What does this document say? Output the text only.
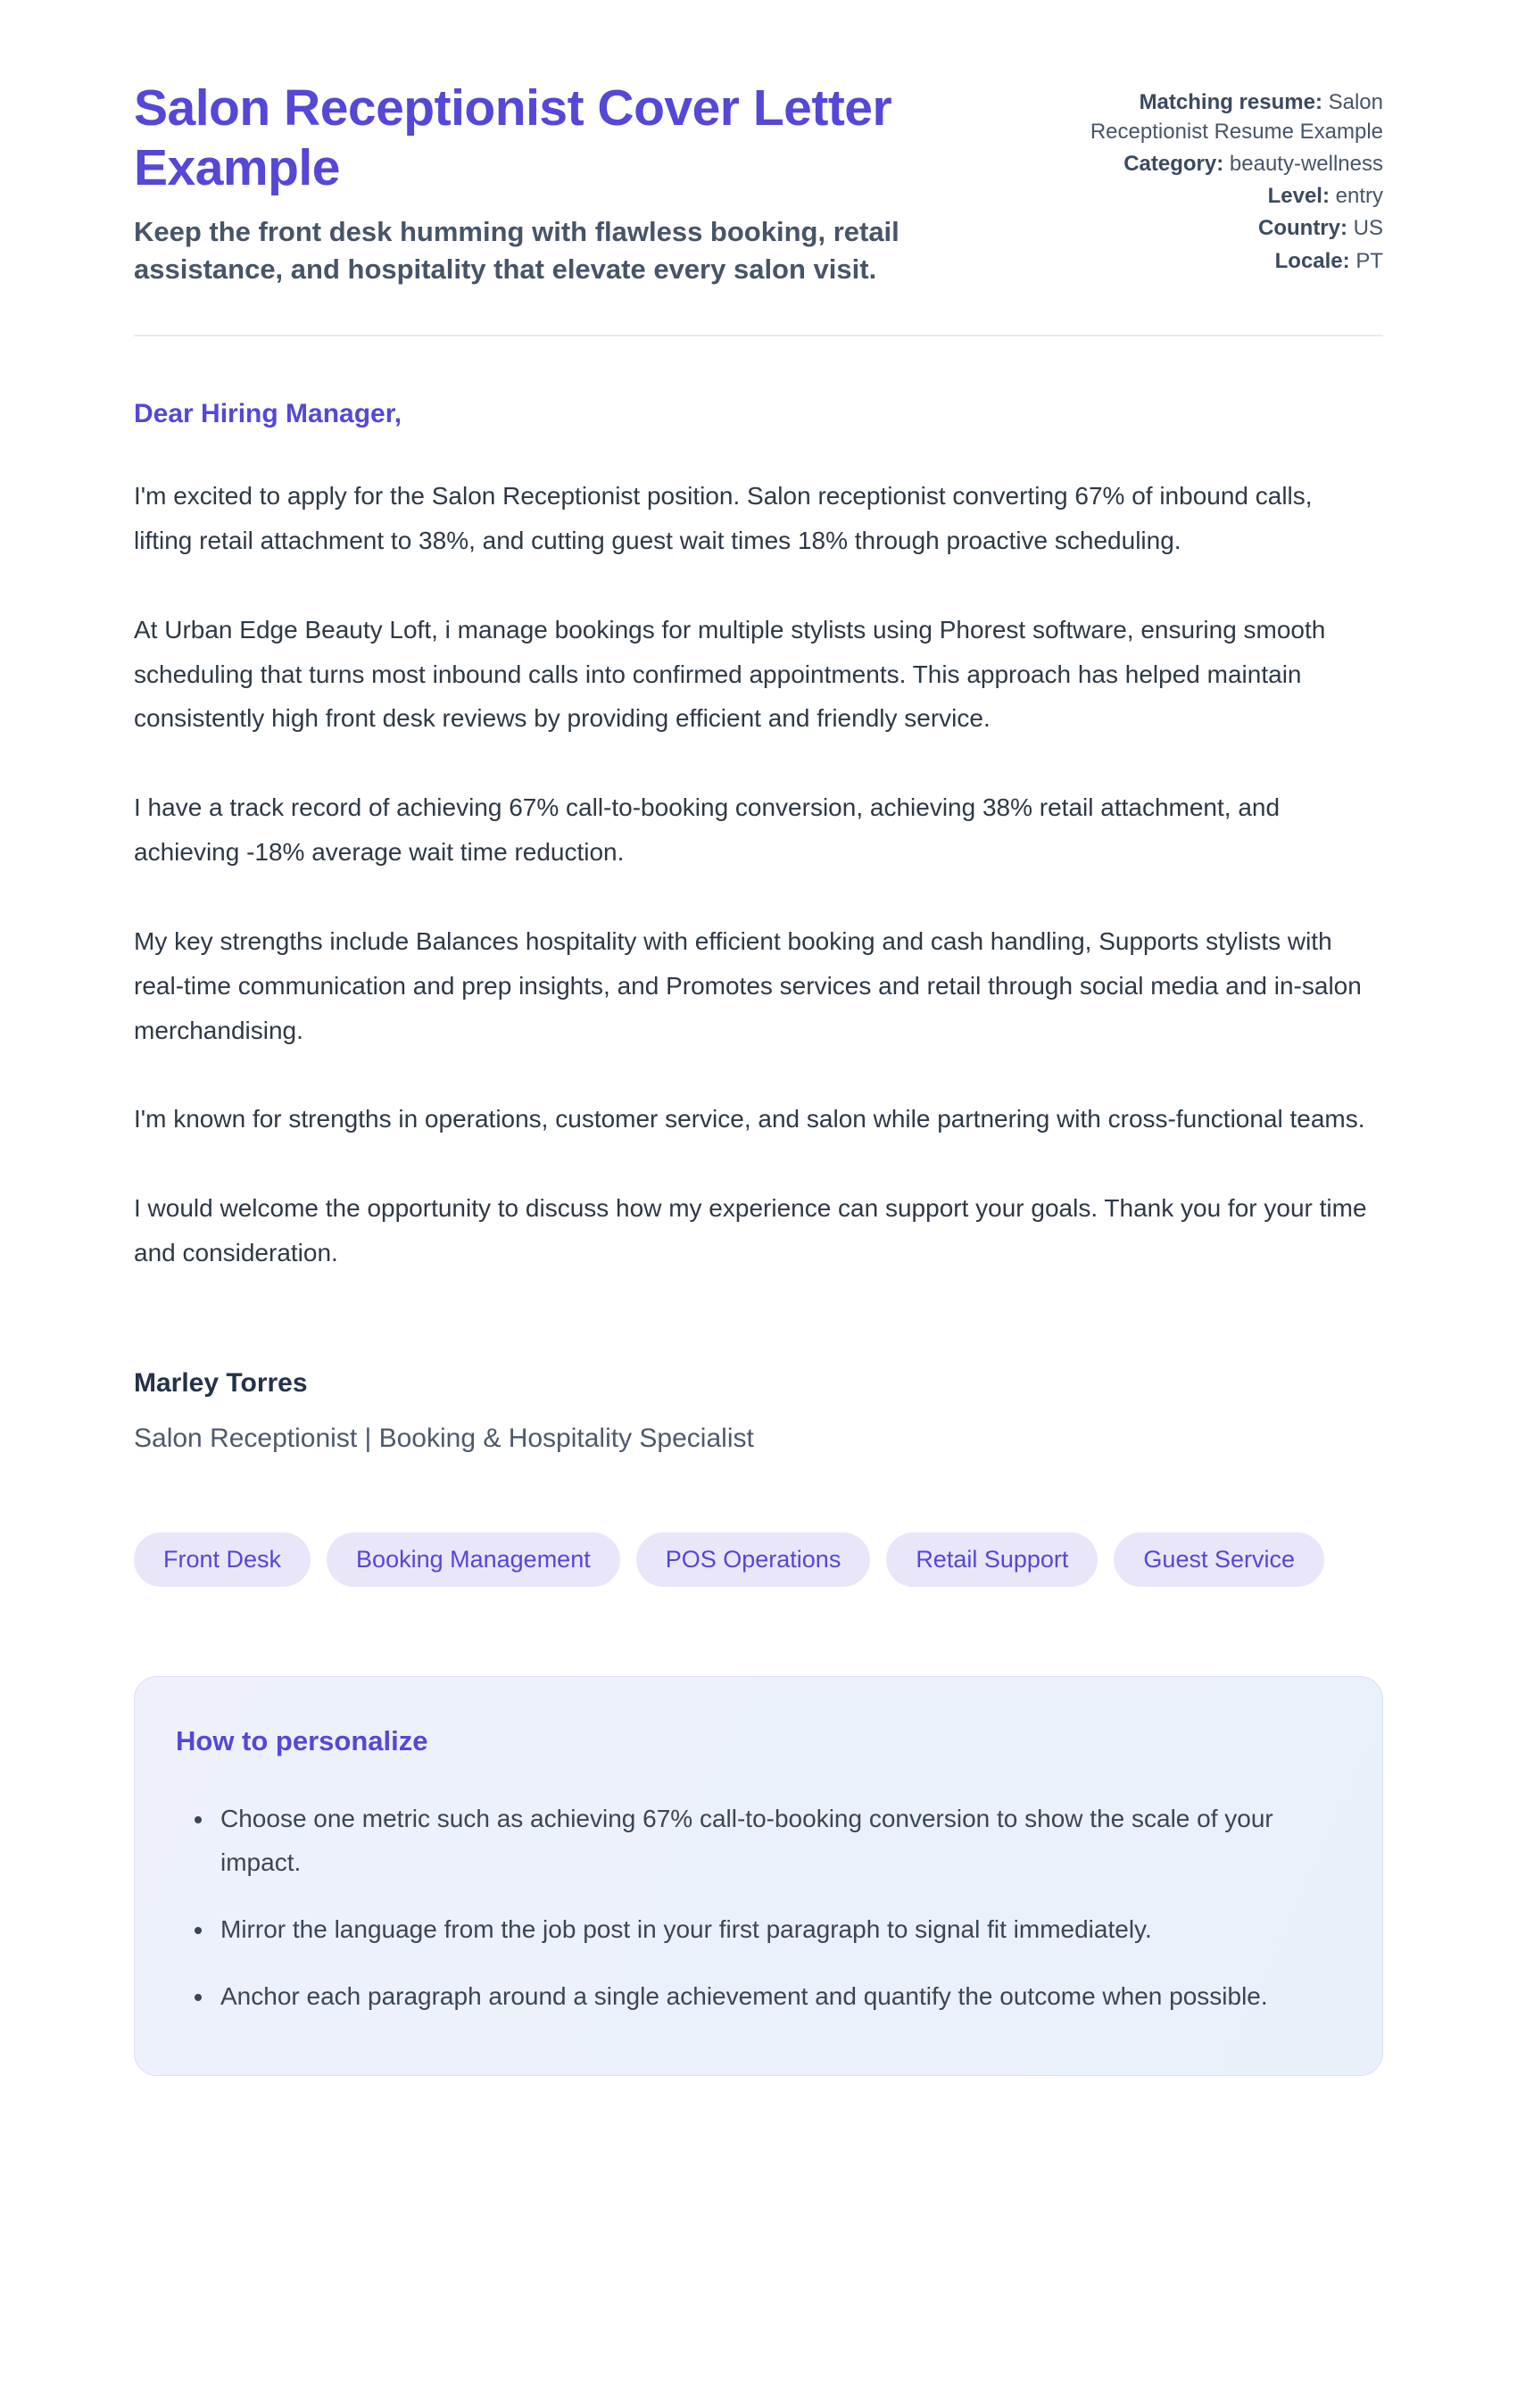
Salon Receptionist Cover Letter Example

Keep the front desk humming with flawless booking, retail assistance, and hospitality that elevate every salon visit.

Matching resume: Salon Receptionist Resume Example
Category: beauty-wellness
Level: entry
Country: US
Locale: PT

Dear Hiring Manager,

I'm excited to apply for the Salon Receptionist position. Salon receptionist converting 67% of inbound calls, lifting retail attachment to 38%, and cutting guest wait times 18% through proactive scheduling.

At Urban Edge Beauty Loft, i manage bookings for multiple stylists using Phorest software, ensuring smooth scheduling that turns most inbound calls into confirmed appointments. This approach has helped maintain consistently high front desk reviews by providing efficient and friendly service.

I have a track record of achieving 67% call-to-booking conversion, achieving 38% retail attachment, and achieving -18% average wait time reduction.

My key strengths include Balances hospitality with efficient booking and cash handling, Supports stylists with real-time communication and prep insights, and Promotes services and retail through social media and in-salon merchandising.

I'm known for strengths in operations, customer service, and salon while partnering with cross-functional teams.

I would welcome the opportunity to discuss how my experience can support your goals. Thank you for your time and consideration.

Marley Torres

Salon Receptionist | Booking & Hospitality Specialist

Front Desk	Booking Management	POS Operations	Retail Support	Guest Service
How to personalize
• Choose one metric such as achieving 67% call-to-booking conversion to show the scale of your impact.
• Mirror the language from the job post in your first paragraph to signal fit immediately.
• Anchor each paragraph around a single achievement and quantify the outcome when possible.
